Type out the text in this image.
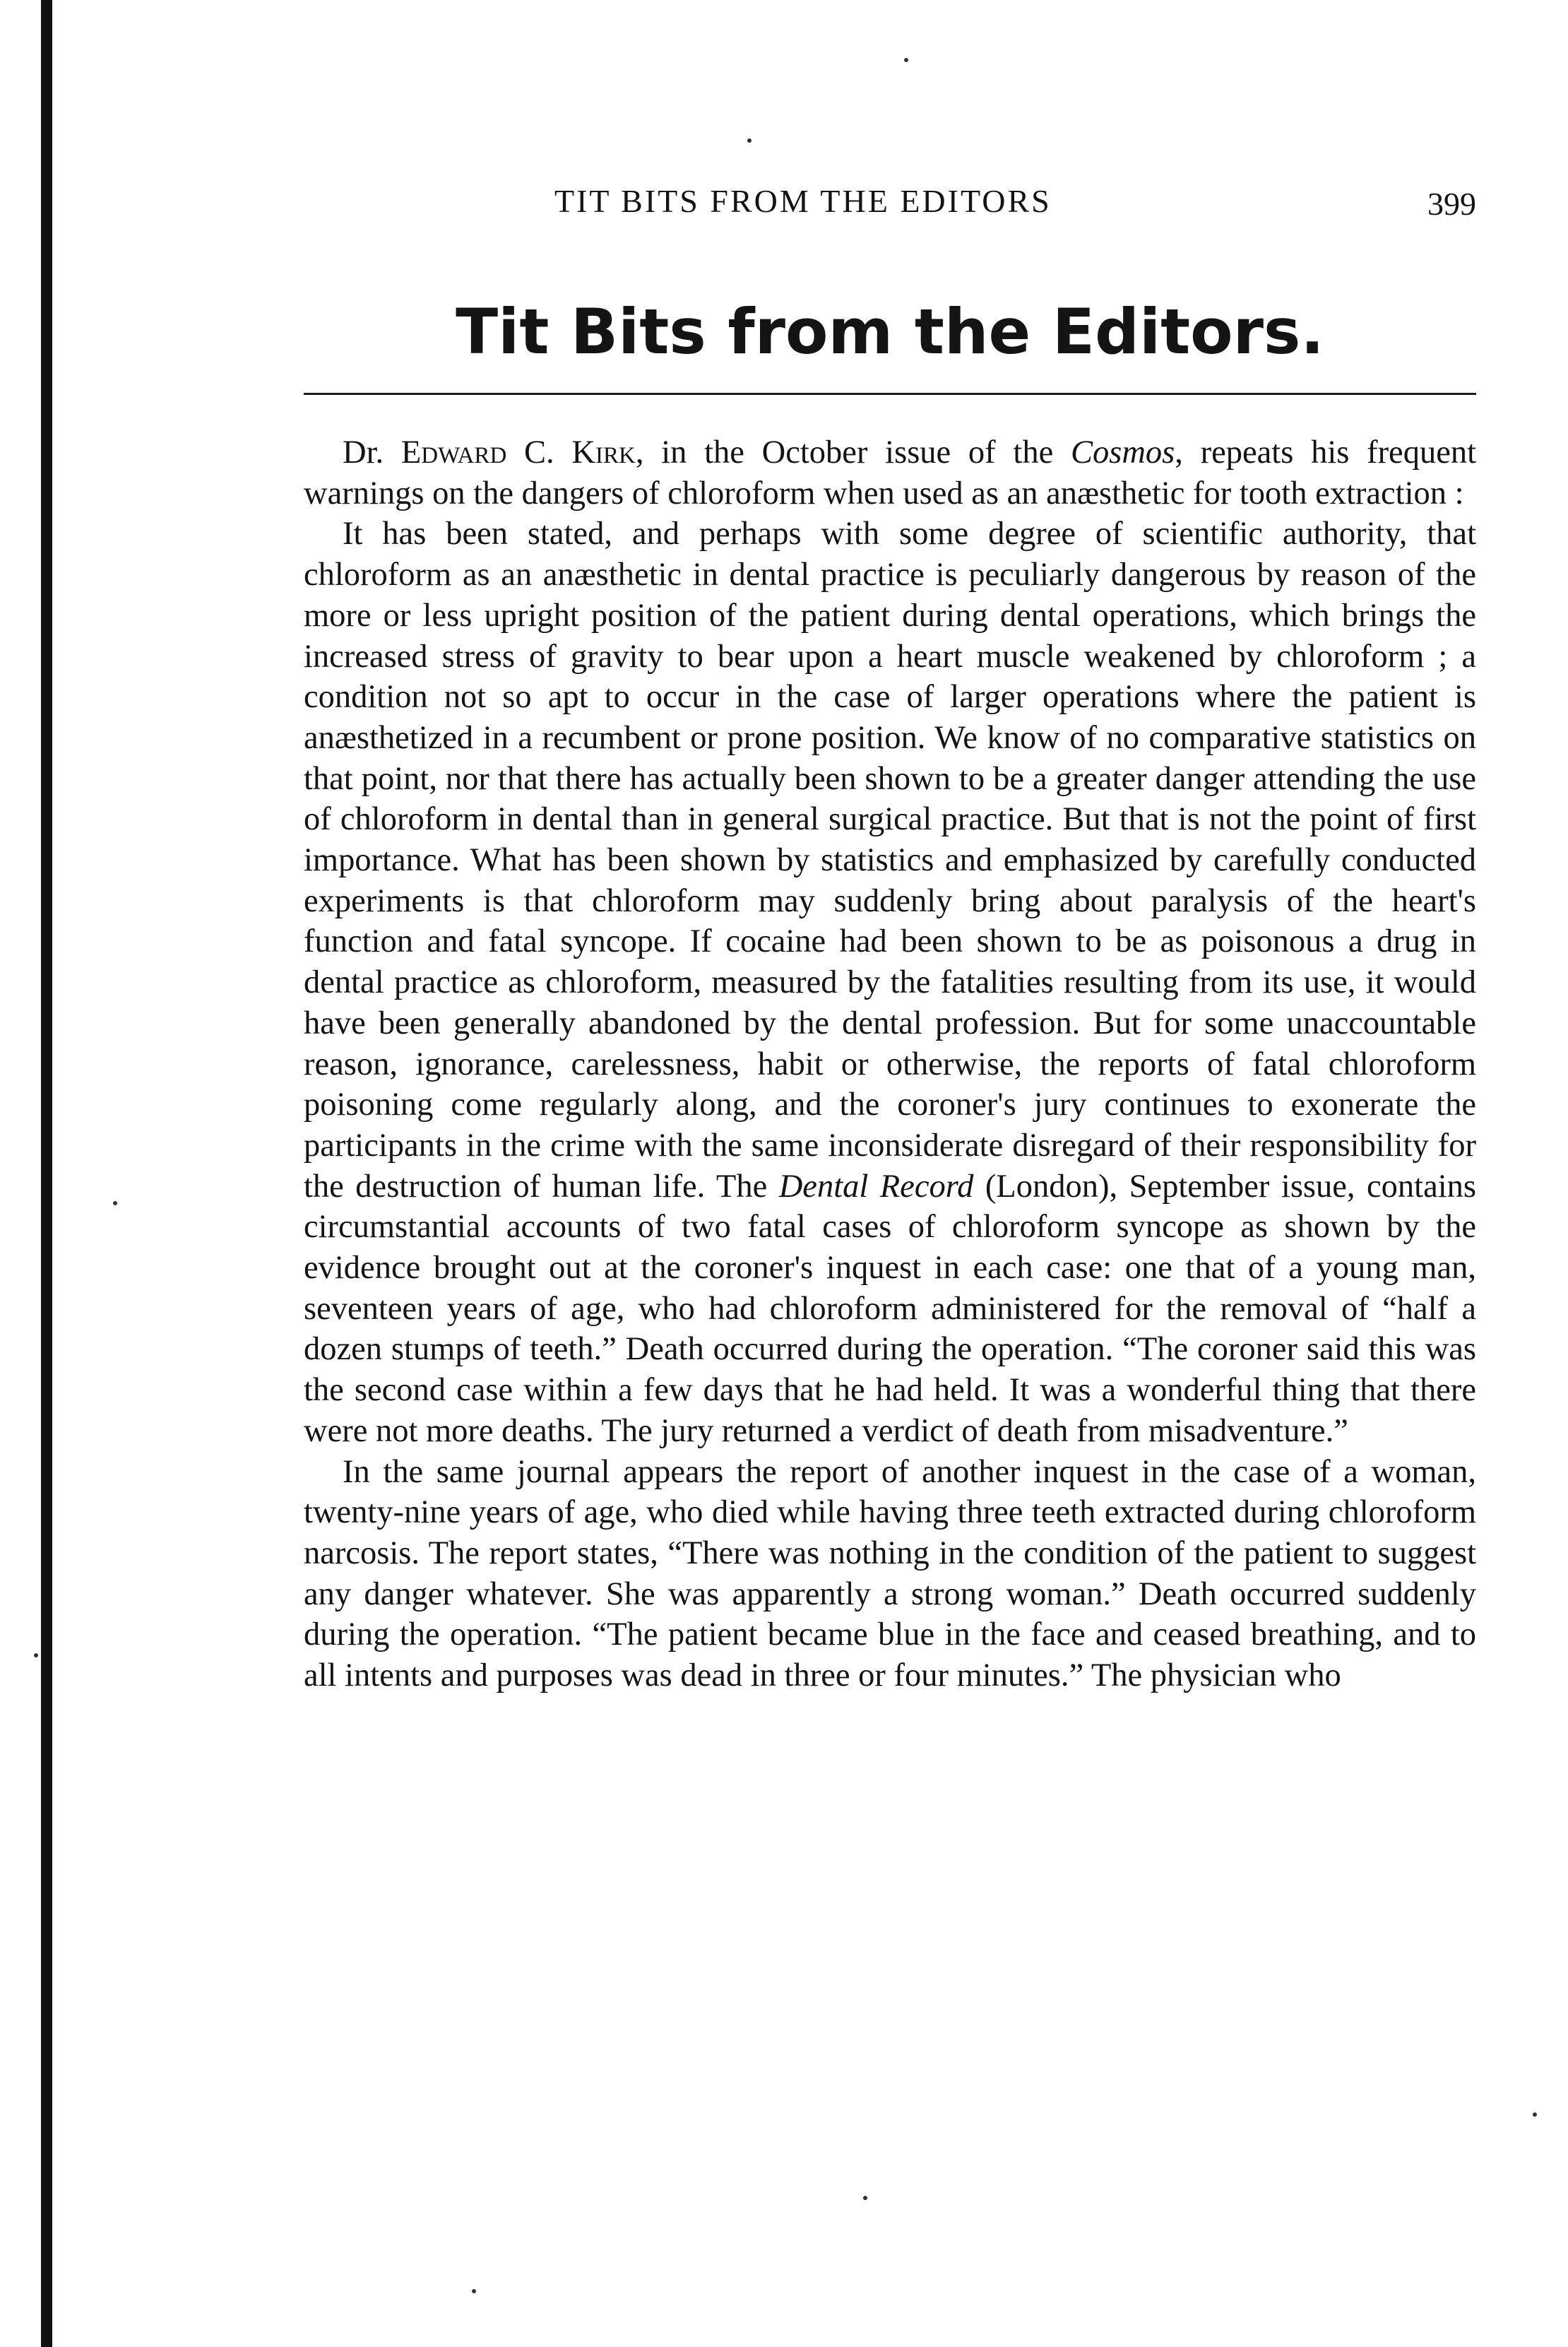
TIT BITS FROM THE EDITORS	399
Tit Bits from the Editors.

Dr. Edward C. Kirk, in the October issue of the Cosmos, repeats his frequent warnings on the dangers of chloroform when used as an anæsthetic for tooth extraction :

It has been stated, and perhaps with some degree of scientific authority, that chloroform as an anæsthetic in dental practice is peculiarly dangerous by reason of the more or less upright position of the patient during dental operations, which brings the increased stress of gravity to bear upon a heart muscle weakened by chloroform ; a condition not so apt to occur in the case of larger operations where the patient is anæsthetized in a recumbent or prone position. We know of no comparative statistics on that point, nor that there has actually been shown to be a greater danger attending the use of chloroform in dental than in general surgical practice. But that is not the point of first importance. What has been shown by statistics and emphasized by carefully conducted experiments is that chloroform may suddenly bring about paralysis of the heart's function and fatal syncope. If cocaine had been shown to be as poisonous a drug in dental practice as chloroform, measured by the fatalities resulting from its use, it would have been generally abandoned by the dental profession. But for some unaccountable reason, ignorance, carelessness, habit or otherwise, the reports of fatal chloroform poisoning come regularly along, and the coroner's jury continues to exonerate the participants in the crime with the same inconsiderate disregard of their responsibility for the destruction of human life. The Dental Record (London), September issue, contains circumstantial accounts of two fatal cases of chloroform syncope as shown by the evidence brought out at the coroner's inquest in each case: one that of a young man, seventeen years of age, who had chloroform administered for the removal of “half a dozen stumps of teeth.” Death occurred during the operation. “The coroner said this was the second case within a few days that he had held. It was a wonderful thing that there were not more deaths. The jury returned a verdict of death from misadventure.”

In the same journal appears the report of another inquest in the case of a woman, twenty-nine years of age, who died while having three teeth extracted during chloroform narcosis. The report states, “There was nothing in the condition of the patient to suggest any danger whatever. She was apparently a strong woman.” Death occurred suddenly during the operation. “The patient became blue in the face and ceased breathing, and to all intents and purposes was dead in three or four minutes.” The physician who
